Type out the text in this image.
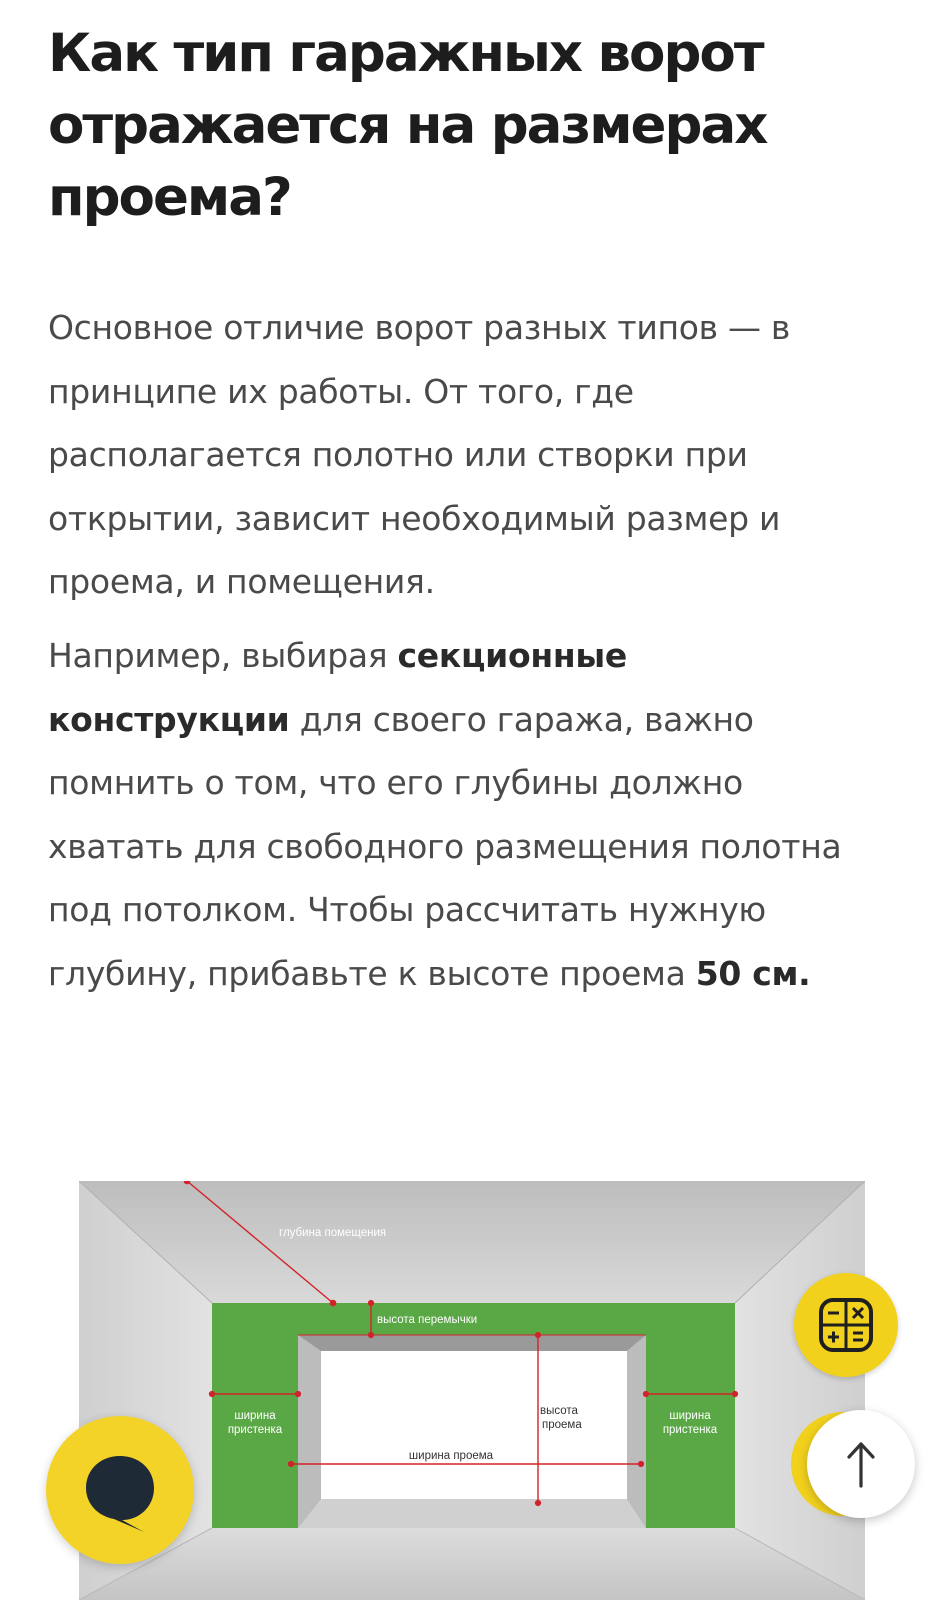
Как тип гаражных ворот отражается на размерах проема?

Основное отличие ворот разных типов — в принципе их работы. От того, где располагается полотно или створки при открытии, зависит необходимый размер и проема, и помещения.

Например, выбирая секционные конструкции для своего гаража, важно помнить о том, что его глубины должно хватать для свободного размещения полотна под потолком. Чтобы рассчитать нужную глубину, прибавьте к высоте проема 50 см.

глубина помещения
высота перемычки
высота
проема
ширина проема
ширина
пристенка
ширина
пристенка
